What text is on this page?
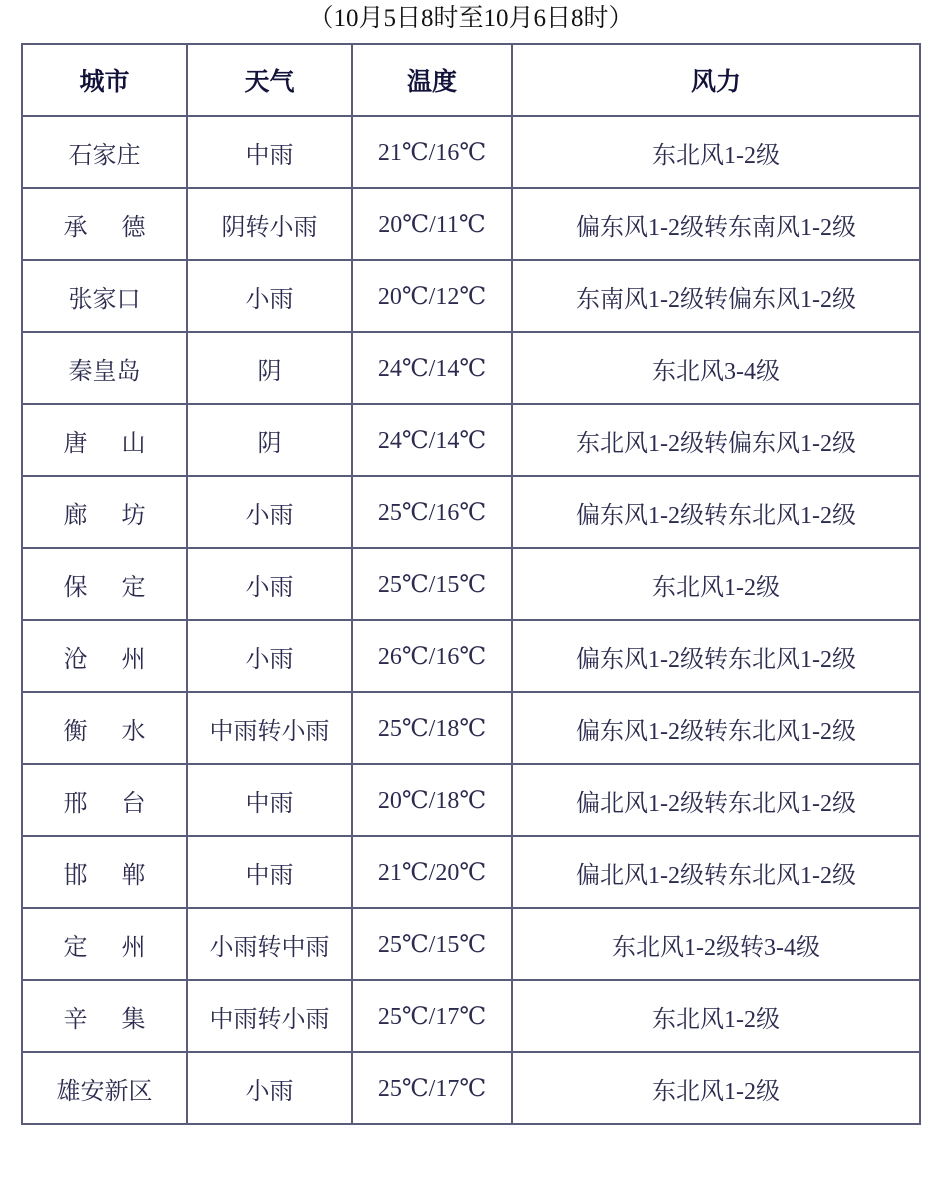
（10月5日8时至10月6日8时）
城市	天气	温度	风力
石家庄	中雨	21℃/16℃	东北风1-2级
承 德	阴转小雨	20℃/11℃	偏东风1-2级转东南风1-2级
张家口	小雨	20℃/12℃	东南风1-2级转偏东风1-2级
秦皇岛	阴	24℃/14℃	东北风3-4级
唐 山	阴	24℃/14℃	东北风1-2级转偏东风1-2级
廊 坊	小雨	25℃/16℃	偏东风1-2级转东北风1-2级
保 定	小雨	25℃/15℃	东北风1-2级
沧 州	小雨	26℃/16℃	偏东风1-2级转东北风1-2级
衡 水	中雨转小雨	25℃/18℃	偏东风1-2级转东北风1-2级
邢 台	中雨	20℃/18℃	偏北风1-2级转东北风1-2级
邯 郸	中雨	21℃/20℃	偏北风1-2级转东北风1-2级
定 州	小雨转中雨	25℃/15℃	东北风1-2级转3-4级
辛 集	中雨转小雨	25℃/17℃	东北风1-2级
雄安新区	小雨	25℃/17℃	东北风1-2级
